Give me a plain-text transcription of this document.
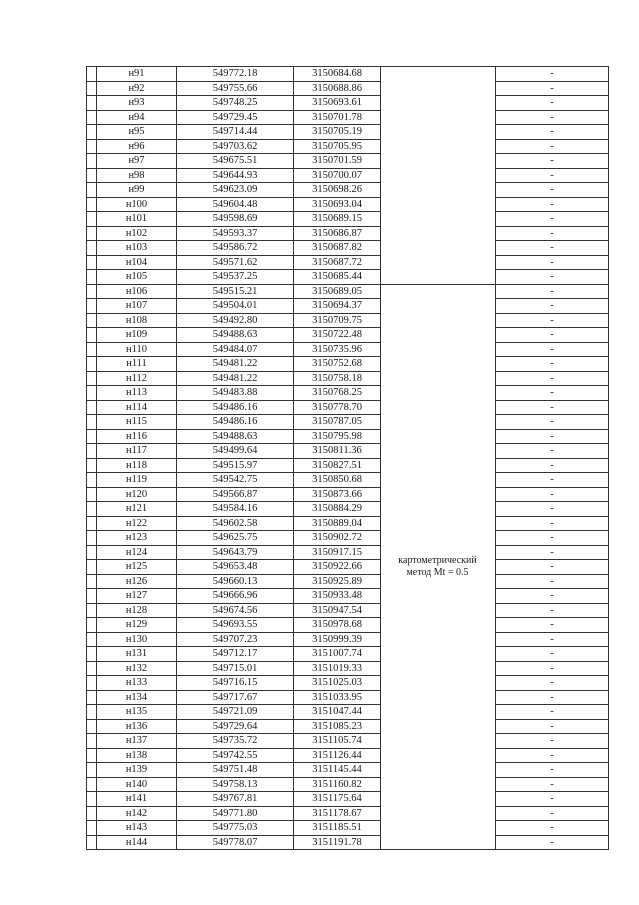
	н91	549772.18	3150684.68		-
	н92	549755.66	3150688.86		-
	н93	549748.25	3150693.61		-
	н94	549729.45	3150701.78		-
	н95	549714.44	3150705.19		-
	н96	549703.62	3150705.95		-
	н97	549675.51	3150701.59		-
	н98	549644.93	3150700.07		-
	н99	549623.09	3150698.26		-
	н100	549604.48	3150693.04		-
	н101	549598.69	3150689.15		-
	н102	549593.37	3150686.87		-
	н103	549586.72	3150687.82		-
	н104	549571.62	3150687.72		-
	н105	549537.25	3150685.44		-
	н106	549515.21	3150689.05		-
	н107	549504.01	3150694.37		-
	н108	549492.80	3150709.75		-
	н109	549488.63	3150722.48		-
	н110	549484.07	3150735.96		-
	н111	549481.22	3150752.68		-
	н112	549481.22	3150758.18		-
	н113	549483.88	3150768.25		-
	н114	549486.16	3150778.70		-
	н115	549486.16	3150787.05		-
	н116	549488.63	3150795.98		-
	н117	549499.64	3150811.36		-
	н118	549515.97	3150827.51		-
	н119	549542.75	3150850.68		-
	н120	549566.87	3150873.66		-
	н121	549584.16	3150884.29		-
	н122	549602.58	3150889.04		-
	н123	549625.75	3150902.72		-
	н124	549643.79	3150917.15		-
	н125	549653.48	3150922.66		-
	н126	549660.13	3150925.89		-
	н127	549666.96	3150933.48		-
	н128	549674.56	3150947.54		-
	н129	549693.55	3150978.68		-
	н130	549707.23	3150999.39		-
	н131	549712.17	3151007.74		-
	н132	549715.01	3151019.33		-
	н133	549716.15	3151025.03		-
	н134	549717.67	3151033.95		-
	н135	549721.09	3151047.44		-
	н136	549729.64	3151085.23		-
	н137	549735.72	3151105.74		-
	н138	549742.55	3151126.44		-
	н139	549751.48	3151145.44		-
	н140	549758.13	3151160.82		-
	н141	549767.81	3151175.64		-
	н142	549771.80	3151178.67		-
	н143	549775.03	3151185.51		-
	н144	549778.07	3151191.78		-
картометрический
метод Mt = 0.5
